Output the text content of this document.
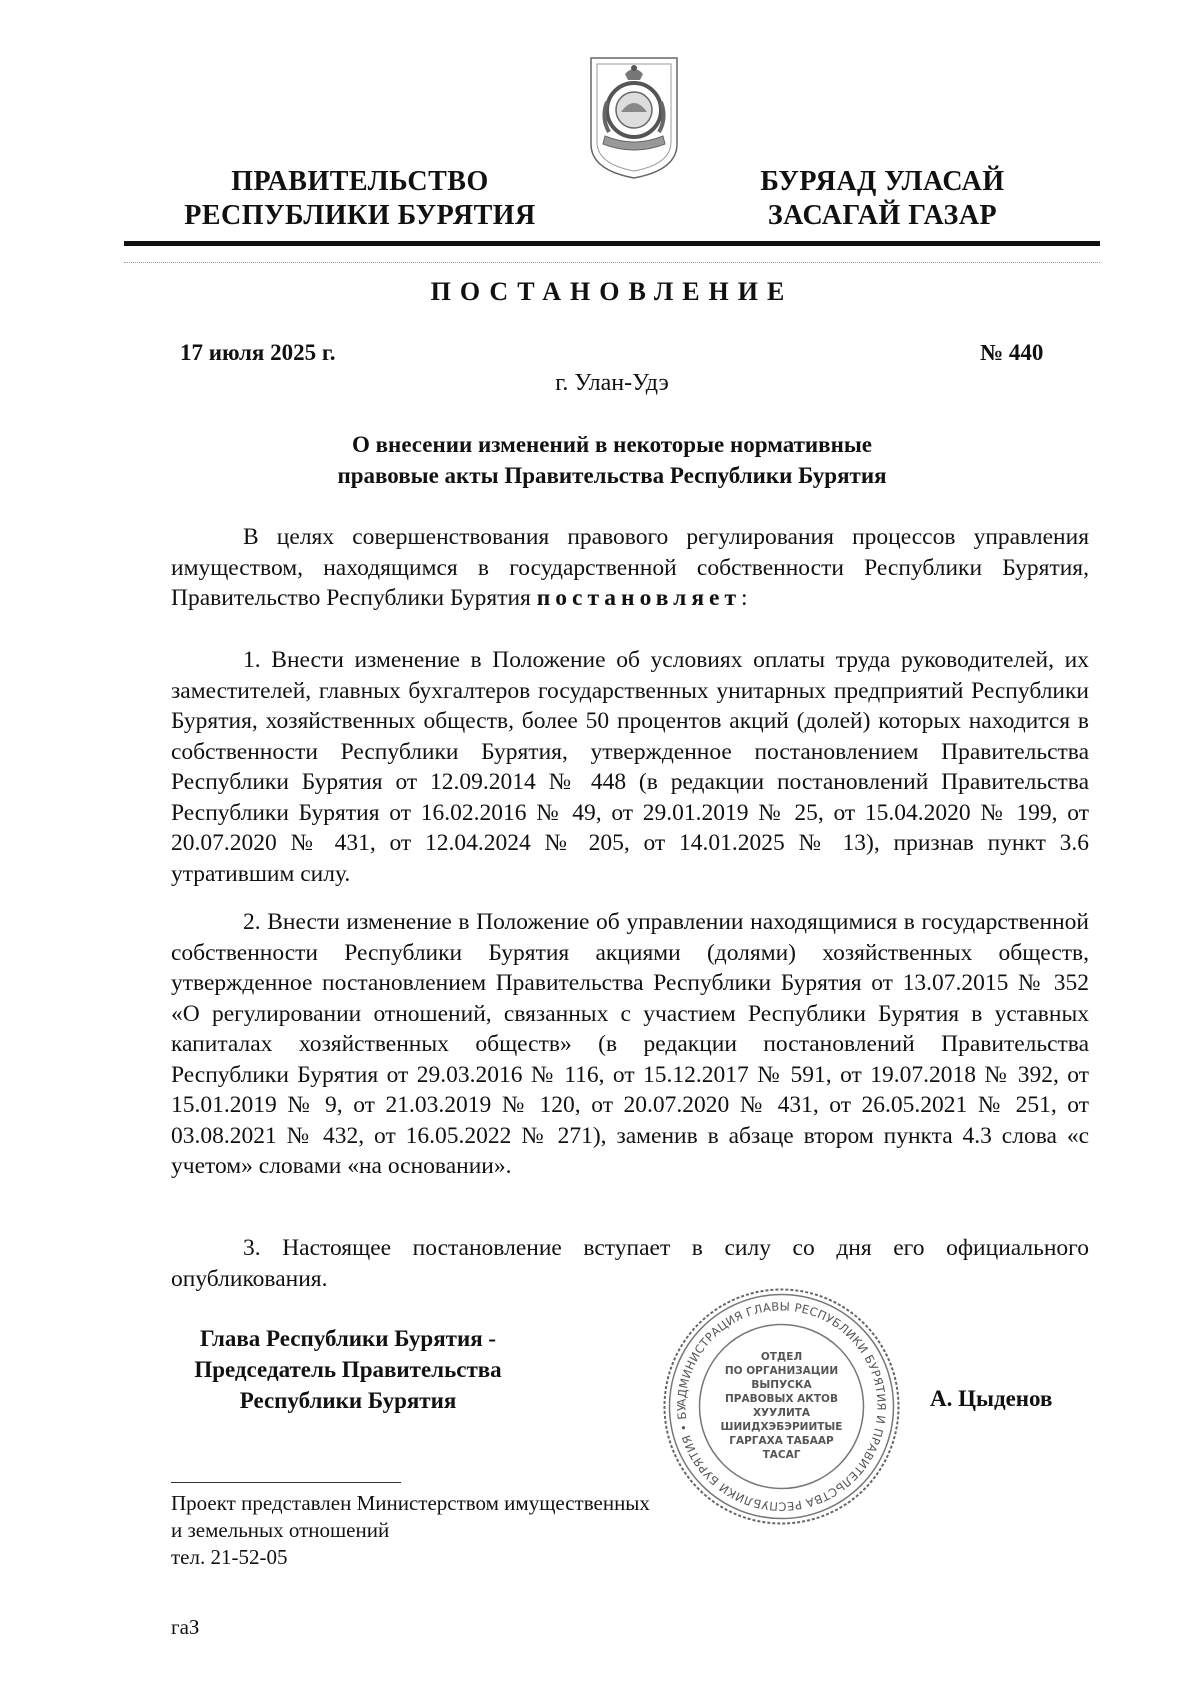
ПРАВИТЕЛЬСТВО
РЕСПУБЛИКИ БУРЯТИЯ
БУРЯАД УЛАСАЙ
ЗАСАГАЙ ГАЗАР
ПОСТАНОВЛЕНИЕ
17 июля 2025 г.	№ 440
г. Улан-Удэ
О внесении изменений в некоторые нормативные
правовые акты Правительства Республики Бурятия

В целях совершенствования правового регулирования процессов управления имуществом, находящимся в государственной собственности Республики Бурятия, Правительство Республики Бурятия постановляет:

1. Внести изменение в Положение об условиях оплаты труда руководителей, их заместителей, главных бухгалтеров государственных унитарных предприятий Республики Бурятия, хозяйственных обществ, более 50 процентов акций (долей) которых находится в собственности Республики Бурятия, утвержденное постановлением Правительства Республики Бурятия от 12.09.2014 № 448 (в редакции постановлений Правительства Республики Бурятия от 16.02.2016 № 49, от 29.01.2019 № 25, от 15.04.2020 № 199, от 20.07.2020 № 431, от 12.04.2024 № 205, от 14.01.2025 № 13), признав пункт 3.6 утратившим силу.

2. Внести изменение в Положение об управлении находящимися в государственной собственности Республики Бурятия акциями (долями) хозяйственных обществ, утвержденное постановлением Правительства Республики Бурятия от 13.07.2015 № 352 «О регулировании отношений, связанных с участием Республики Бурятия в уставных капиталах хозяйственных обществ» (в редакции постановлений Правительства Республики Бурятия от 29.03.2016 № 116, от 15.12.2017 № 591, от 19.07.2018 № 392, от 15.01.2019 № 9, от 21.03.2019 № 120, от 20.07.2020 № 431, от 26.05.2021 № 251, от 03.08.2021 № 432, от 16.05.2022 № 271), заменив в абзаце втором пункта 4.3 слова «с учетом» словами «на основании».

3. Настоящее постановление вступает в силу со дня его официального опубликования.

АДМИНИСТРАЦИЯ ГЛАВЫ РЕСПУБЛИКИ БУРЯТИЯ И ПРАВИТЕЛЬСТВА РЕСПУБЛИКИ БУРЯТИЯ • БУ
ОТДЕЛ
ПО ОРГАНИЗАЦИИ
ВЫПУСКА
ПРАВОВЫХ АКТОВ
ХУУЛИТА
ШИИДХЭБЭРИИТЫЕ
ГАРГАХА ТАБААР
ТАСАГ
Глава Республики Бурятия -
Председатель Правительства
Республики Бурятия	А. Цыденов
Проект представлен Министерством имущественных
и земельных отношений
тел. 21-52-05
гаЗ
